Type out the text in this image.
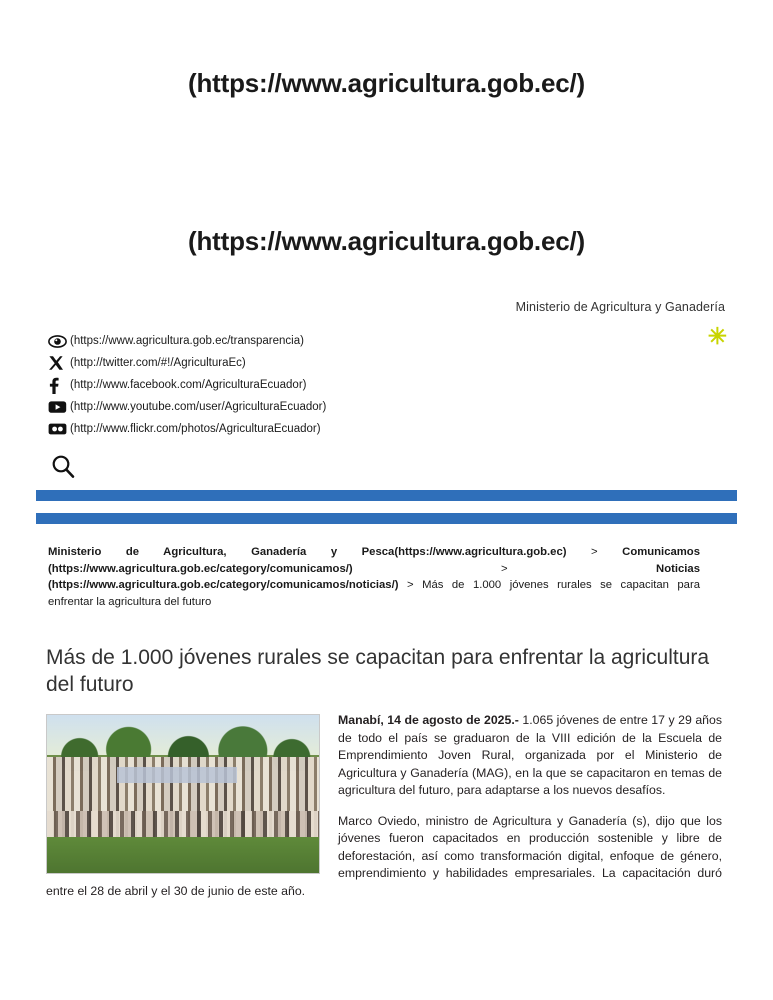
(https://www.agricultura.gob.ec/)
(https://www.agricultura.gob.ec/)
Ministerio de Agricultura y Ganadería
✳
(https://www.agricultura.gob.ec/transparencia)
(http://twitter.com/#!/AgriculturaEc)
(http://www.facebook.com/AgriculturaEcuador)
(http://www.youtube.com/user/AgriculturaEcuador)
(http://www.flickr.com/photos/AgriculturaEcuador)
Ministerio de Agricultura, Ganadería y Pesca(https://www.agricultura.gob.ec) > Comunicamos (https://www.agricultura.gob.ec/category/comunicamos/) > Noticias (https://www.agricultura.gob.ec/category/comunicamos/noticias/) > Más de 1.000 jóvenes rurales se capacitan para enfrentar la agricultura del futuro
Más de 1.000 jóvenes rurales se capacitan para enfrentar la agricultura del futuro

Manabí, 14 de agosto de 2025.- 1.065 jóvenes de entre 17 y 29 años de todo el país se graduaron de la VIII edición de la Escuela de Emprendimiento Joven Rural, organizada por el Ministerio de Agricultura y Ganadería (MAG), en la que se capacitaron en temas de agricultura del futuro, para adaptarse a los nuevos desafíos.

Marco Oviedo, ministro de Agricultura y Ganadería (s), dijo que los jóvenes fueron capacitados en producción sostenible y libre de deforestación, así como transformación digital, enfoque de género, emprendimiento y habilidades empresariales. La capacitación duró entre el 28 de abril y el 30 de junio de este año.
